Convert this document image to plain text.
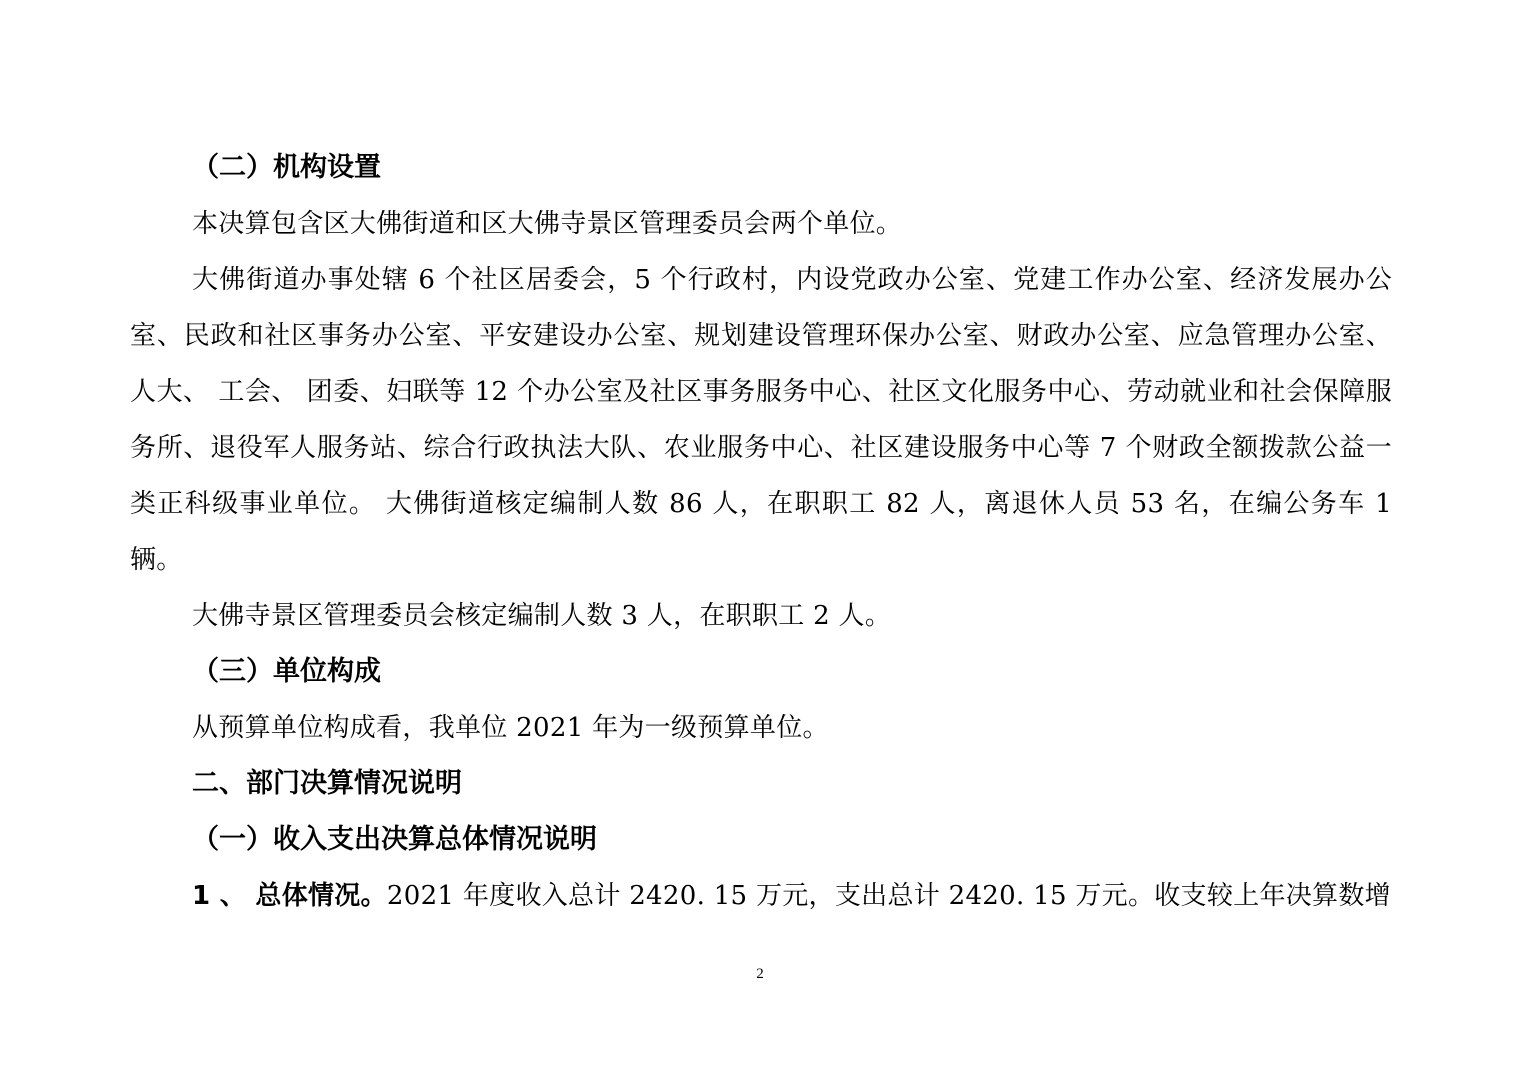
（二）机构设置

本决算包含区大佛街道和区大佛寺景区管理委员会两个单位。

大佛街道办事处辖 6 个社区居委会，5 个行政村，内设党政办公室、党建工作办公室、经济发展办公室、民政和社区事务办公室、平安建设办公室、规划建设管理环保办公室、财政办公室、应急管理办公室、 人大、 工会、 团委、妇联等 12 个办公室及社区事务服务中心、社区文化服务中心、劳动就业和社会保障服务所、退役军人服务站、综合行政执法大队、农业服务中心、社区建设服务中心等 7 个财政全额拨款公益一类正科级事业单位。 大佛街道核定编制人数 86 人，在职职工 82 人，离退休人员 53 名，在编公务车 1 辆。

大佛寺景区管理委员会核定编制人数 3 人，在职职工 2 人。

（三）单位构成

从预算单位构成看，我单位 2021 年为一级预算单位。

二、部门决算情况说明

（一）收入支出决算总体情况说明

1 、 总体情况。2021 年度收入总计 2420. 15 万元，支出总计 2420. 15 万元。收支较上年决算数增

2
